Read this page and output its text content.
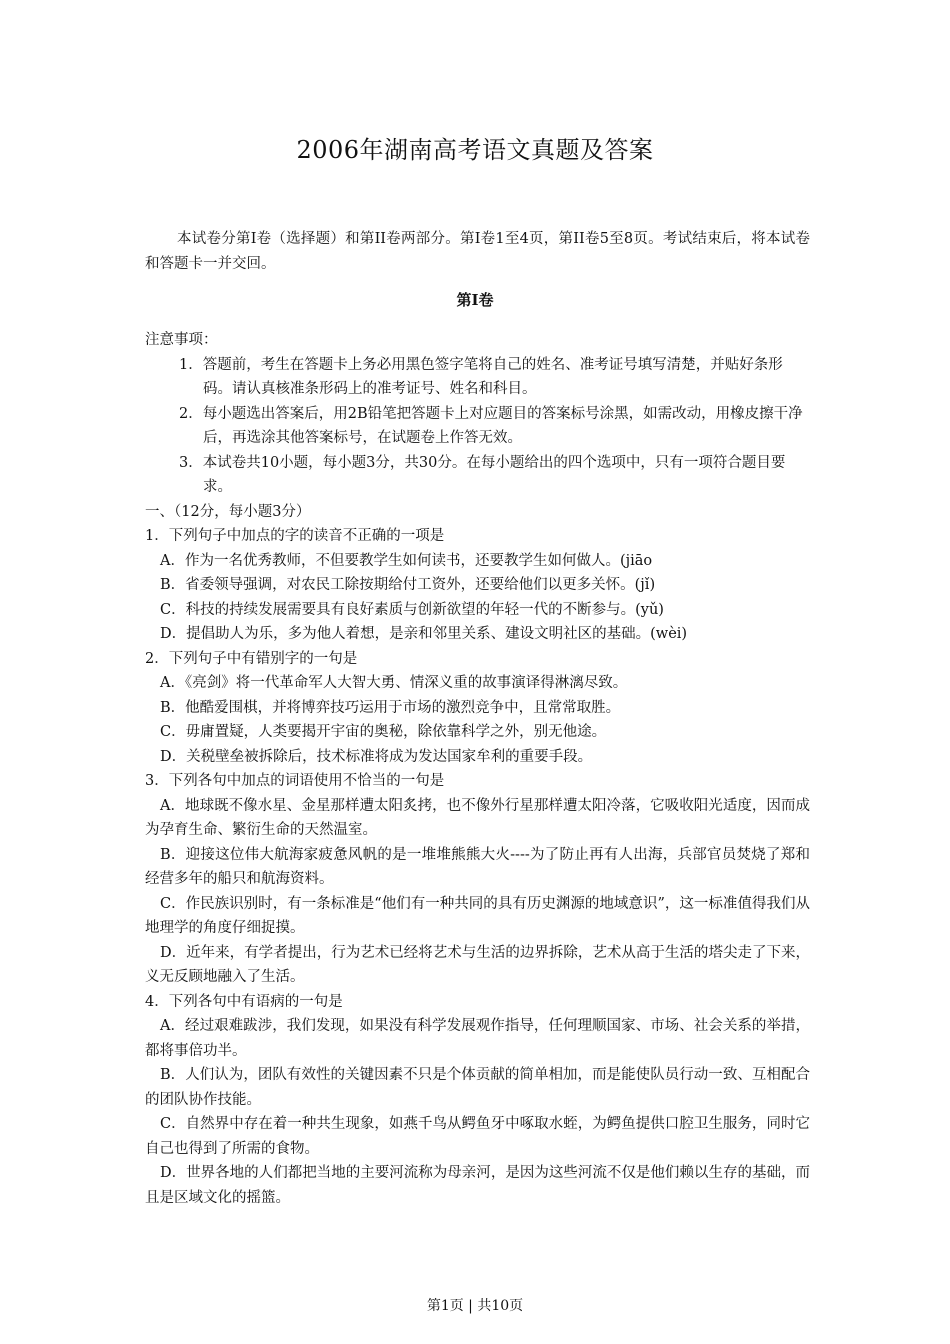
2006年湖南高考语文真题及答案
本试卷分第I卷（选择题）和第II卷两部分。第I卷1至4页，第II卷5至8页。考试结束后，将本试卷和答题卡一并交回。
第I卷

注意事项：

1．答题前，考生在答题卡上务必用黑色签字笔将自己的姓名、准考证号填写清楚，并贴好条形码。请认真核准条形码上的准考证号、姓名和科目。

2．每小题选出答案后，用2B铅笔把答题卡上对应题目的答案标号涂黑，如需改动，用橡皮擦干净后，再选涂其他答案标号，在试题卷上作答无效。

3．本试卷共10小题，每小题3分，共30分。在每小题给出的四个选项中，只有一项符合题目要求。

一、（12分，每小题3分）

1．下列句子中加点的字的读音不正确的一项是

A．作为一名优秀教师，不但要教学生如何读书，还要教学生如何做人。(jiāo

B．省委领导强调，对农民工除按期给付工资外，还要给他们以更多关怀。(jǐ)

C．科技的持续发展需要具有良好素质与创新欲望的年轻一代的不断参与。(yǔ)

D．提倡助人为乐，多为他人着想，是亲和邻里关系、建设文明社区的基础。(wèi)

2．下列句子中有错别字的一句是

A．《亮剑》将一代革命军人大智大勇、情深义重的故事演译得淋漓尽致。

B．他酷爱围棋，并将博弈技巧运用于市场的激烈竞争中，且常常取胜。

C．毋庸置疑，人类要揭开宇宙的奥秘，除依靠科学之外，别无他途。

D．关税壁垒被拆除后，技术标准将成为发达国家牟利的重要手段。

3．下列各句中加点的词语使用不恰当的一句是

A．地球既不像水星、金星那样遭太阳炙拷，也不像外行星那样遭太阳冷落，它吸收阳光适度，因而成为孕育生命、繁衍生命的天然温室。

B．迎接这位伟大航海家疲惫风帆的是一堆堆熊熊大火----为了防止再有人出海，兵部官员焚烧了郑和经营多年的船只和航海资料。

C．作民族识别时，有一条标准是“他们有一种共同的具有历史渊源的地域意识”，这一标准值得我们从地理学的角度仔细捉摸。

D．近年来，有学者提出，行为艺术已经将艺术与生活的边界拆除，艺术从高于生活的塔尖走了下来，义无反顾地融入了生活。

4．下列各句中有语病的一句是

A．经过艰难跋涉，我们发现，如果没有科学发展观作指导，任何理顺国家、市场、社会关系的举措，都将事倍功半。

B．人们认为，团队有效性的关键因素不只是个体贡献的简单相加，而是能使队员行动一致、互相配合的团队协作技能。

C．自然界中存在着一种共生现象，如燕千鸟从鳄鱼牙中啄取水蛭，为鳄鱼提供口腔卫生服务，同时它自己也得到了所需的食物。

D．世界各地的人们都把当地的主要河流称为母亲河，是因为这些河流不仅是他们赖以生存的基础，而且是区域文化的摇篮。

第1页 | 共10页
